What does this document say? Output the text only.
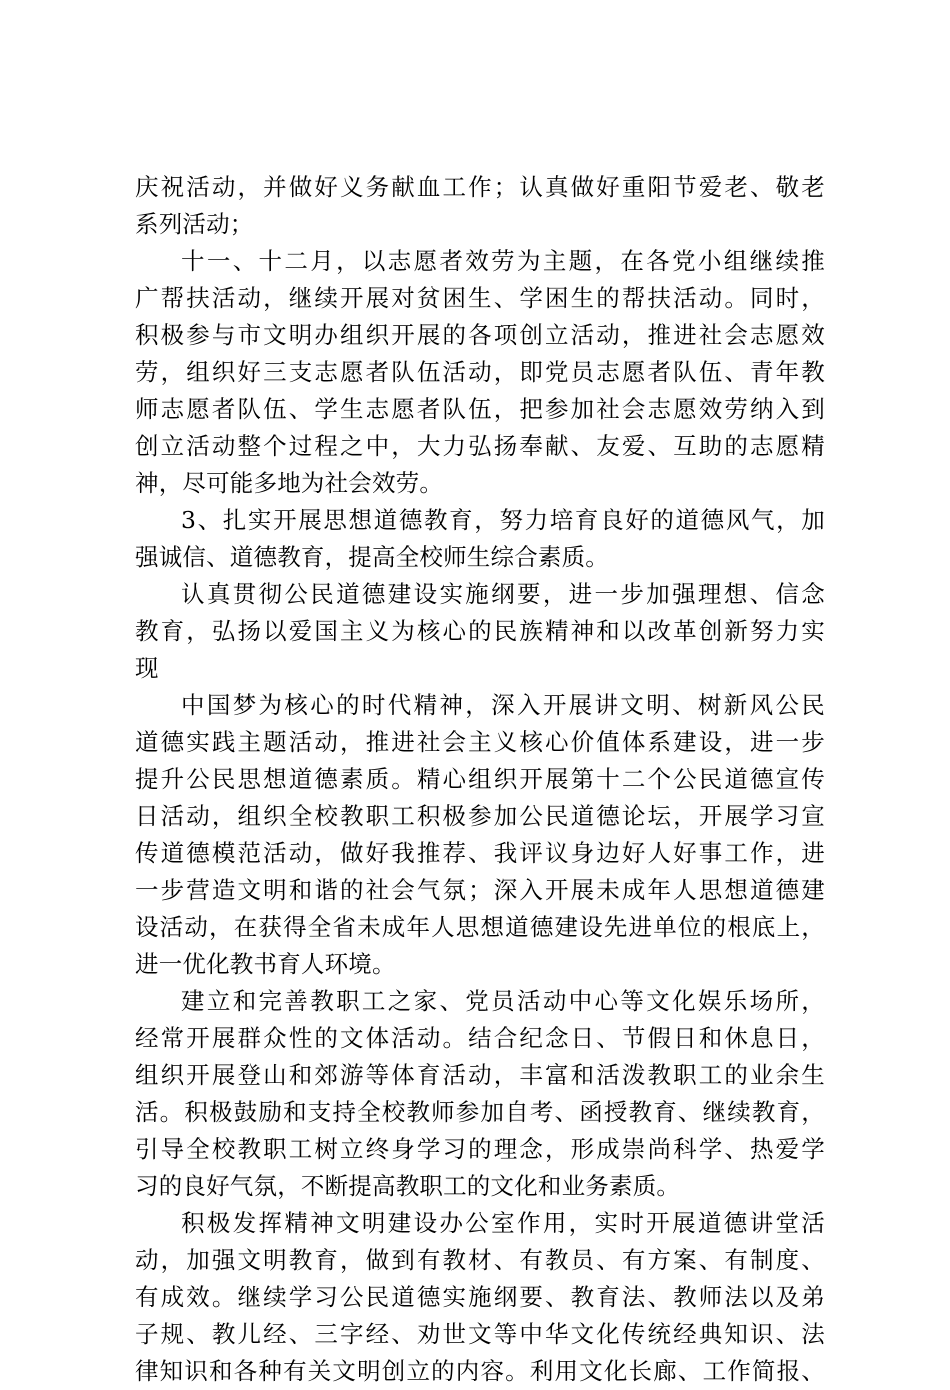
庆祝活动，并做好义务献血工作；认真做好重阳节爱老、敬老
系列活动；
十一、十二月，以志愿者效劳为主题，在各党小组继续推
广帮扶活动，继续开展对贫困生、学困生的帮扶活动。同时，
积极参与市文明办组织开展的各项创立活动，推进社会志愿效
劳，组织好三支志愿者队伍活动，即党员志愿者队伍、青年教
师志愿者队伍、学生志愿者队伍，把参加社会志愿效劳纳入到
创立活动整个过程之中，大力弘扬奉献、友爱、互助的志愿精
神，尽可能多地为社会效劳。
3、扎实开展思想道德教育，努力培育良好的道德风气，加
强诚信、道德教育，提高全校师生综合素质。
认真贯彻公民道德建设实施纲要，进一步加强理想、信念
教育，弘扬以爱国主义为核心的民族精神和以改革创新努力实
现
中国梦为核心的时代精神，深入开展讲文明、树新风公民
道德实践主题活动，推进社会主义核心价值体系建设，进一步
提升公民思想道德素质。精心组织开展第十二个公民道德宣传
日活动，组织全校教职工积极参加公民道德论坛，开展学习宣
传道德模范活动，做好我推荐、我评议身边好人好事工作，进
一步营造文明和谐的社会气氛；深入开展未成年人思想道德建
设活动，在获得全省未成年人思想道德建设先进单位的根底上，
进一优化教书育人环境。
建立和完善教职工之家、党员活动中心等文化娱乐场所，
经常开展群众性的文体活动。结合纪念日、节假日和休息日，
组织开展登山和郊游等体育活动，丰富和活泼教职工的业余生
活。积极鼓励和支持全校教师参加自考、函授教育、继续教育，
引导全校教职工树立终身学习的理念，形成崇尚科学、热爱学
习的良好气氛，不断提高教职工的文化和业务素质。
积极发挥精神文明建设办公室作用，实时开展道德讲堂活
动，加强文明教育，做到有教材、有教员、有方案、有制度、
有成效。继续学习公民道德实施纲要、教育法、教师法以及弟
子规、教儿经、三字经、劝世文等中华文化传统经典知识、法
律知识和各种有关文明创立的内容。利用文化长廊、工作简报、
